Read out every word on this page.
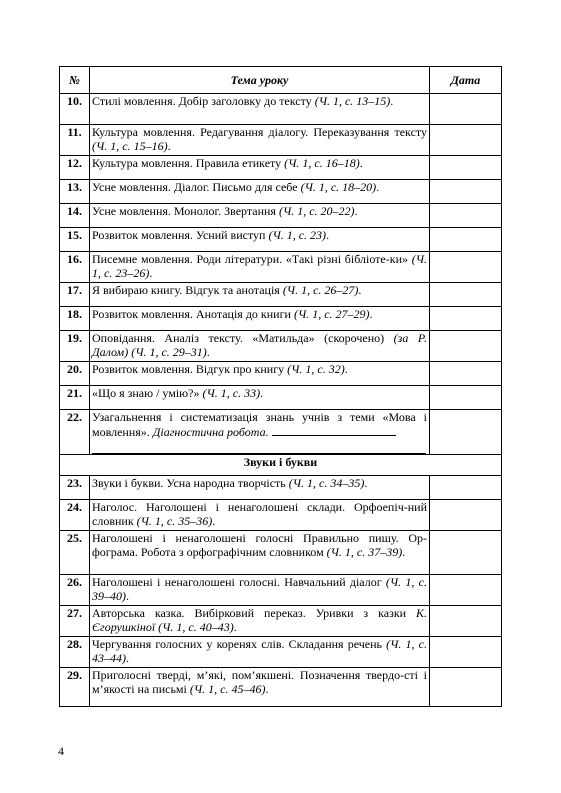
№	Тема уроку	Дата
10.	Стилі мовлення. Добір заголовку до тексту (Ч. 1, с. 13–15).	
11.	Культура мовлення. Редагування діалогу. Переказування тексту (Ч. 1, с. 15–16).	
12.	Культура мовлення. Правила етикету (Ч. 1, с. 16–18).	
13.	Усне мовлення. Діалог. Письмо для себе (Ч. 1, с. 18–20).	
14.	Усне мовлення. Монолог. Звертання (Ч. 1, с. 20–22).	
15.	Розвиток мовлення. Усний виступ (Ч. 1, с. 23).	
16.	Писемне мовлення. Роди літератури. «Такі різні бібліоте-ки» (Ч. 1, с. 23–26).	
17.	Я вибираю книгу. Відгук та анотація (Ч. 1, с. 26–27).	
18.	Розвиток мовлення. Анотація до книги (Ч. 1, с. 27–29).	
19.	Оповідання. Аналіз тексту. «Матильда» (скорочено) (за Р. Далом) (Ч. 1, с. 29–31).	
20.	Розвиток мовлення. Відгук про книгу (Ч. 1, с. 32).	
21.	«Що я знаю / умію?» (Ч. 1, с. 33).	
22.	Узагальнення і систематизація знань учнів з теми «Мова і мовлення». Діагностична робота.

Звуки і букви		
23.	Звуки і букви. Усна народна творчість (Ч. 1, с. 34–35).	
24.	Наголос. Наголошені і ненаголошені склади. Орфоепіч-ний словник (Ч. 1, с. 35–36).	
25.	Наголошені і ненаголошені голосні Правильно пишу. Ор-фограма. Робота з орфографічним словником (Ч. 1, с. 37–39).	
26.	Наголошені і ненаголошені голосні. Навчальний діалог (Ч. 1, с. 39–40).	
27.	Авторська казка. Вибірковий переказ. Уривки з казки К. Єгорушкіної (Ч. 1, с. 40–43).	
28.	Чергування голосних у коренях слів. Складання речень (Ч. 1, с. 43–44).	
29.	Приголосні тверді, м’які, пом’якшені. Позначення твердо-сті і м’якості на письмі (Ч. 1, с. 45–46).	
4
